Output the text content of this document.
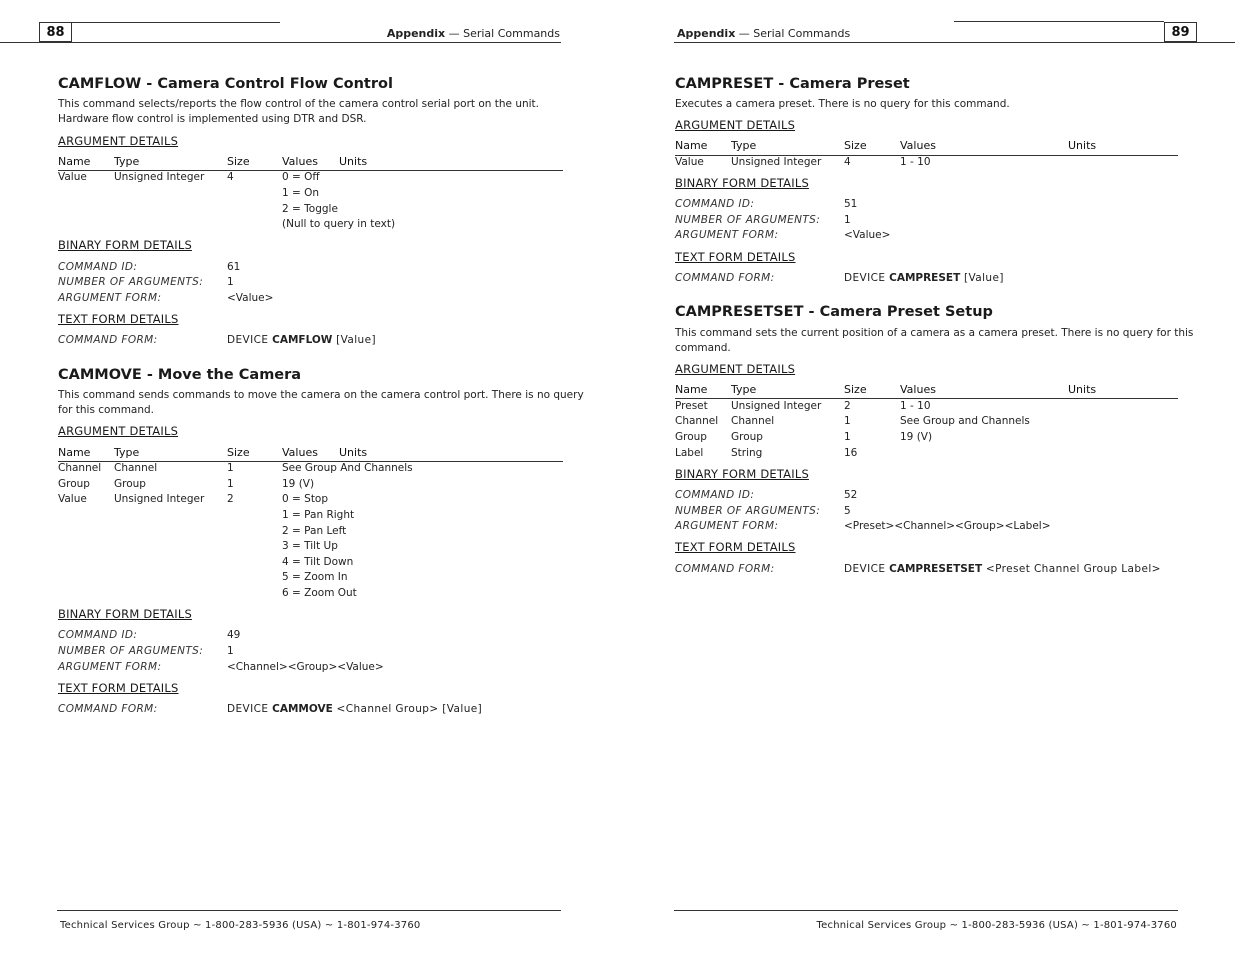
88	Appendix — Serial Commands	89
Appendix — Serial Commands
CAMFLOW - Camera Control Flow Control
This command selects/reports the flow control of the camera control serial port on the unit.
Hardware flow control is implemented using DTR and DSR.
ARGUMENT DETAILS
Name Type	Size	Values Units
Value	Unsigned Integer 4	0 = Off
1 = On
2 = Toggle
(Null to query in text)
BINARY FORM DETAILS
COMMAND ID:	61
NUMBER OF ARGUMENTS: 1
ARGUMENT FORM:	<Value>
TEXT FORM DETAILS
COMMAND FORM:	DEVICE CAMFLOW [Value]
CAMMOVE - Move the Camera
This command sends commands to move the camera on the camera control port. There is no query
for this command.
ARGUMENT DETAILS
Name Type	Size	Values Units
Channel Channel	1	See Group And Channels
Group Group	1	19 (V)
Value	Unsigned Integer 2	0 = Stop
1 = Pan Right
2 = Pan Left
3 = Tilt Up
4 = Tilt Down
5 = Zoom In
6 = Zoom Out
BINARY FORM DETAILS
COMMAND ID:	49
NUMBER OF ARGUMENTS: 1
ARGUMENT FORM:	<Channel><Group><Value>
TEXT FORM DETAILS
COMMAND FORM:	DEVICE CAMMOVE <Channel Group> [Value]
CAMPRESET - Camera Preset
Executes a camera preset. There is no query for this command.
ARGUMENT DETAILS
Name Type	Size	Values	Units
Value	Unsigned Integer 4	1 - 10
BINARY FORM DETAILS
COMMAND ID:	51
NUMBER OF ARGUMENTS: 1
ARGUMENT FORM:	<Value>
TEXT FORM DETAILS
COMMAND FORM:	DEVICE CAMPRESET [Value]
CAMPRESETSET - Camera Preset Setup
This command sets the current position of a camera as a camera preset. There is no query for this
command.
ARGUMENT DETAILS
Name Type	Size	Values	Units
Preset Unsigned Integer 2	1 - 10
Channel Channel	1	See Group and Channels
Group Group	1	19 (V)
Label	String	16
BINARY FORM DETAILS
COMMAND ID:	52
NUMBER OF ARGUMENTS: 5
ARGUMENT FORM:	<Preset><Channel><Group><Label>
TEXT FORM DETAILS
COMMAND FORM:	DEVICE CAMPRESETSET <Preset Channel Group Label>
Technical Services Group ~ 1-800-283-5936 (USA) ~ 1-801-974-3760	Technical Services Group ~ 1-800-283-5936 (USA) ~ 1-801-974-3760
